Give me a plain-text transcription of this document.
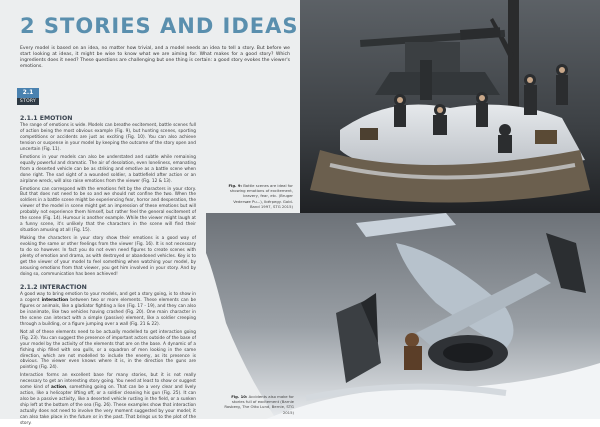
2 STORIES AND IDEAS

Every model is based on an idea, no matter how trivial, and a model needs an idea to tell a story. But before we start looking at ideas, it might be wise to know what we are aiming for. What makes for a good story? Which ingredients does it need? These questions are challenging but one thing is certain: a good story evokes the viewer's emotions.

2.1
STORY
2.1.1 EMOTION

The range of emotions is wide. Models can breathe excitement, battle scenes full of action being the most obvious example (Fig. 9), but hunting scenes, sporting competitions or accidents are just as exciting (Fig. 10). You can also achieve tension or suspense in your model by keeping the outcome of the story open and uncertain (Fig. 11).

Emotions in your models can also be understated and subtle while remaining equally powerful and dramatic. The air of desolation, even loneliness, emanating from a deserted vehicle can be as striking and emotive as a battle scene when done right. The sad sight of a wounded soldier, a battlefield after action or an airplane wreck, will also raise emotions from the viewer (Fig. 12 & 13).

Emotions can correspond with the emotions felt by the characters in your story. But that does not need to be so and we should not confine the two. When the soldiers in a battle scene might be experiencing fear, horror and desperation, the viewer of the model in scene might get an impression of these emotions but will probably not experience them himself, but rather feel the general excitement of the scene (Fig. 14). Humour is another example. While the viewer might laugh at a funny scene, it's unlikely that the characters in the scene will find their situation amusing at all (Fig. 15).

Making the characters in your story show their emotions is a good way of evoking the same or other feelings from the viewer (Fig. 16). It is not necessary to do so however. In fact you do not even need figures to create scenes with plenty of emotion and drama, as with destroyed or abandoned vehicles. Key is to get the viewer of your model to feel something when watching your model, by arousing emotions from that viewer, you get him involved in your story. And by doing so, communication has been achieved!

2.1.2 INTERACTION

A good way to bring emotion to your models, and get a story going, is to show in a cogent interaction between two or more elements. These elements can be figures or animals, like a gladiator fighting a lion (Fig. 17 - 19), and they can also be inanimate, like two vehicles having crashed (Fig. 20). One main character in the scene can interact with a simple (passive) element, like a soldier creeping through a building, or a figure jumping over a wall (Fig. 21 & 22).

Not all of these elements need to be actually modelled to get interaction going (Fig. 23). You can suggest the presence of important actors outside of the base of your model by the activity of the elements that are on the base. A dynamic of a fishing ship filled with sea gulls, or a squadron of men looking in the same direction, which are not modelled to include the enemy, as its presence is obvious. The viewer even knows where it is, in the direction the guns are pointing (Fig. 24).

Interaction forms an excellent base for many stories, but it is not really necessary to get an interesting story going. You need at least to show or suggest some kind of action, something going on. That can be a very clear and lively action, like a helicopter lifting off, or a soldier cleaning his gun (Fig. 25). It can also be a passive activity, like a deserted vehicle rusting in the field, or a sunken ship left at the bottom of the sea (Fig. 26). These examples show that interaction actually does not need to involve the very moment suggested by your model; it can also take place in the future or in the past. That brings us to the plot of the story.

Fig. 9: Battle scenes are ideal for showing emotions of excitement, bravery, fear, etc. (Bruger Vedersøe Pu...), Ibérpegy. Gold-Band 1997, STG 2015)

Fig. 10: Accidents also make for stories full of excitement (Barnie Rosberg, The Otto Lund, Bernie, STG 2015)
